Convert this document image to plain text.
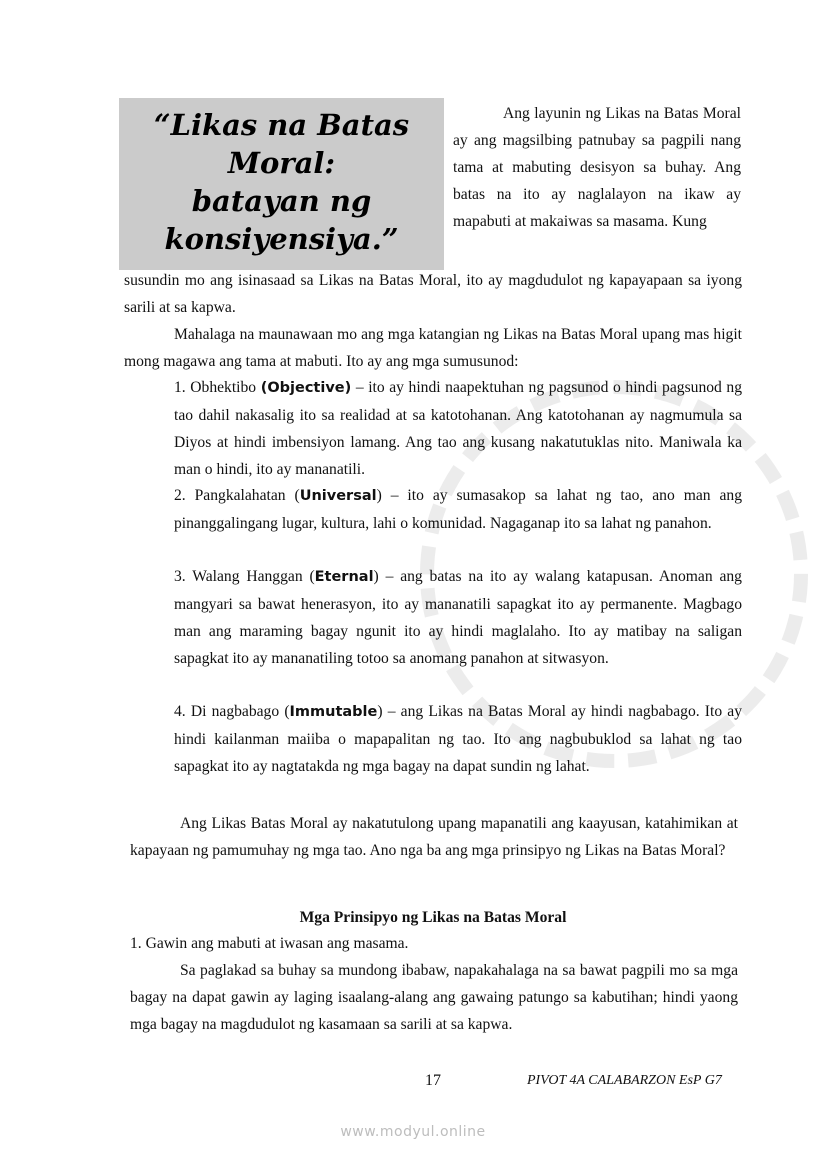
“Likas na Batas
Moral:
batayan ng
konsiyensiya.”

Ang layunin ng Likas na Batas Moral ay ang magsilbing patnubay sa pagpili nang tama at mabuting desisyon sa buhay. Ang batas na ito ay naglalayon na ikaw ay mapabuti at makaiwas sa masama. Kung

susundin mo ang isinasaad sa Likas na Batas Moral, ito ay magdudulot ng kapayapaan sa iyong sarili at sa kapwa.

Mahalaga na maunawaan mo ang mga katangian ng Likas na Batas Moral upang mas higit mong magawa ang tama at mabuti. Ito ay ang mga sumusunod:

1. Obhektibo (Objective) – ito ay hindi naapektuhan ng pagsunod o hindi pagsunod ng tao dahil nakasalig ito sa realidad at sa katotohanan. Ang katotohanan ay nagmumula sa Diyos at hindi imbensiyon lamang. Ang tao ang kusang nakatutuklas nito. Maniwala ka man o hindi, ito ay mananatili.

2. Pangkalahatan (Universal) – ito ay sumasakop sa lahat ng tao, ano man ang pinanggalingang lugar, kultura, lahi o komunidad. Nagaganap ito sa lahat ng panahon.

3. Walang Hanggan (Eternal) – ang batas na ito ay walang katapusan. Anoman ang mangyari sa bawat henerasyon, ito ay mananatili sapagkat ito ay permanente. Magbago man ang maraming bagay ngunit ito ay hindi maglalaho. Ito ay matibay na saligan sapagkat ito ay mananatiling totoo sa anomang panahon at sitwasyon.

4. Di nagbabago (Immutable) – ang Likas na Batas Moral ay hindi nagbabago. Ito ay hindi kailanman maiiba o mapapalitan ng tao. Ito ang nagbubuklod sa lahat ng tao sapagkat ito ay nagtatakda ng mga bagay na dapat sundin ng lahat.

Ang Likas Batas Moral ay nakatutulong upang mapanatili ang kaayusan, katahimikan at kapayaan ng pamumuhay ng mga tao. Ano nga ba ang mga prinsipyo ng Likas na Batas Moral?

Mga Prinsipyo ng Likas na Batas Moral

1. Gawin ang mabuti at iwasan ang masama.

Sa paglakad sa buhay sa mundong ibabaw, napakahalaga na sa bawat pagpili mo sa mga bagay na dapat gawin ay laging isaalang-alang ang gawaing patungo sa kabutihan; hindi yaong mga bagay na magdudulot ng kasamaan sa sarili at sa kapwa.

17	PIVOT 4A CALABARZON EsP G7
www.modyul.online
